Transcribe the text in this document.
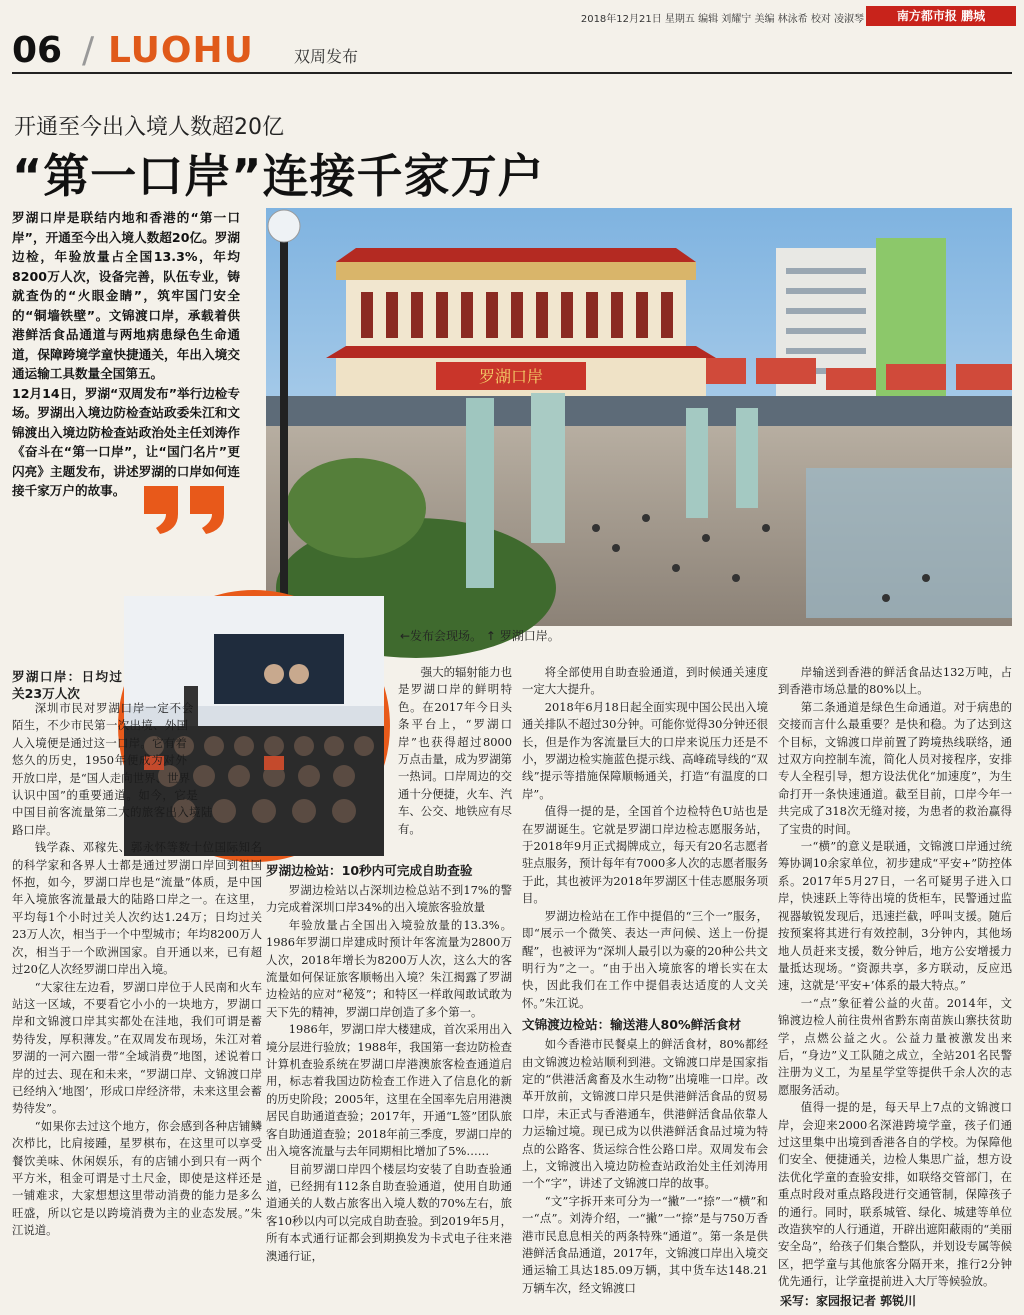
2018年12月21日 星期五 编辑 刘耀宁 美编 林泳希 校对 凌淑琴	南方都市报 鹏城
06 / LUOHU	双周发布
开通至今出入境人数超20亿
“第一口岸”连接千家万户

罗湖口岸是联结内地和香港的“第一口岸”，开通至今出入境人数超20亿。罗湖边检，年验放量占全国13.3%，年均8200万人次，设备完善，队伍专业，铸就查伪的“火眼金睛”，筑牢国门安全的“铜墙铁壁”。文锦渡口岸，承载着供港鲜活食品通道与两地病患绿色生命通道，保障跨境学童快捷通关，年出入境交通运输工具数量全国第五。

12月14日，罗湖“双周发布”举行边检专场。罗湖出入境边防检查站政委朱江和文锦渡出入境边防检查站政治处主任刘涛作《奋斗在“第一口岸”，让“国门名片”更闪亮》主题发布，讲述罗湖的口岸如何连接千家万户的故事。

罗湖口岸
←发布会现场。 ↑ 罗湖口岸。
罗湖口岸：日均过关23万人次

深圳市民对罗湖口岸一定不会陌生，不少市民第一次出境、外国人入境便是通过这一口岸。它有着悠久的历史，1950年便成为对外开放口岸，是“国人走向世界、世界认识中国”的重要通道。如今，它是中国目前客流量第二大的旅客出入境陆路口岸。

钱学森、邓稼先、郭永怀等数十位国际知名的科学家和各界人士都是通过罗湖口岸回到祖国怀抱，如今，罗湖口岸也是“流量”体质，是中国年入境旅客流量最大的陆路口岸之一。在这里，平均每1个小时过关人次约达1.24万；日均过关23万人次，相当于一个中型城市；年均8200万人次，相当于一个欧洲国家。自开通以来，已有超过20亿人次经罗湖口岸出入境。

“大家往左边看，罗湖口岸位于人民南和火车站这一区域，不要看它小小的一块地方，罗湖口岸和文锦渡口岸其实都处在洼地，我们可谓是蓄势待发，厚积薄发。”在双周发布现场，朱江对着罗湖的一河六圈一带“全域消费”地图，述说着口岸的过去、现在和未来，“罗湖口岸、文锦渡口岸已经纳入‘地图’，形成口岸经济带，未来这里会蓄势待发”。

“如果你去过这个地方，你会感到各种店铺鳞次栉比，比肩接踵，星罗棋布，在这里可以享受餐饮美味、休闲娱乐，有的店铺小到只有一两个平方米，租金可谓是寸土尺金，即使是这样还是一铺难求，大家想想这里带动消费的能力是多么旺盛，所以它是以跨境消费为主的业态发展。”朱江说道。

强大的辐射能力也是罗湖口岸的鲜明特色。在2017年今日头条平台上，“罗湖口岸”也获得超过8000万点击量，成为罗湖第一热词。口岸周边的交通十分便捷，火车、汽车、公交、地铁应有尽有。

罗湖边检站：10秒内可完成自助查验

罗湖边检站以占深圳边检总站不到17%的警力完成着深圳口岸34%的出入境旅客验放量

年验放量占全国出入境验放量的13.3%。1986年罗湖口岸建成时预计年客流量为2800万人次，2018年增长为8200万人次，这么大的客流量如何保证旅客顺畅出入境？朱江揭露了罗湖边检站的应对“秘笈”；和特区一样敢闯敢试敢为天下先的精神，罗湖口岸创造了多个第一。

1986年，罗湖口岸大楼建成，首次采用出入境分层进行验放；1988年，我国第一套边防检查计算机查验系统在罗湖口岸港澳旅客检查通道启用，标志着我国边防检查工作进入了信息化的新的历史阶段；2005年，这里在全国率先启用港澳居民自助通道查验；2017年，开通“L签”团队旅客自助通道查验；2018年前三季度，罗湖口岸的出入境客流量与去年同期相比增加了5%……

目前罗湖口岸四个楼层均安装了自助查验通道，已经拥有112条自助查验通道，使用自助通道通关的人数占旅客出入境人数的70%左右，旅客10秒以内可以完成自助查验。到2019年5月，所有本式通行证都会到期换发为卡式电子往来港澳通行证，

将全部使用自助查验通道，到时候通关速度一定大大提升。

2018年6月18日起全面实现中国公民出入境通关排队不超过30分钟。可能你觉得30分钟还很长，但是作为客流量巨大的口岸来说压力还是不小，罗湖边检实施蓝色提示线、高峰疏导线的“双线”提示等措施保障顺畅通关，打造“有温度的口岸”。

值得一提的是，全国首个边检特色U站也是在罗湖诞生。它就是罗湖口岸边检志愿服务站，于2018年9月正式揭牌成立，每天有20名志愿者驻点服务，预计每年有7000多人次的志愿者服务于此，其也被评为2018年罗湖区十佳志愿服务项目。

罗湖边检站在工作中提倡的“三个一”服务，即“展示一个微笑、表达一声问候、送上一份提醒”，也被评为“深圳人最引以为豪的20种公共文明行为”之一。“由于出入境旅客的增长实在太快，因此我们在工作中提倡表达适度的人文关怀。”朱江说。

文锦渡边检站：输送港人80%鲜活食材

如今香港市民餐桌上的鲜活食材，80%都经由文锦渡边检站顺利到港。文锦渡口岸是国家指定的“供港活禽畜及水生动物”出境唯一口岸。改革开放前，文锦渡口岸只是供港鲜活食品的贸易口岸，未正式与香港通车，供港鲜活食品依靠人力运输过境。现已成为以供港鲜活食品过境为特点的公路客、货运综合性公路口岸。双周发布会上，文锦渡出入境边防检查站政治处主任刘涛用一个“字”，讲述了文锦渡口岸的故事。

“文”字拆开来可分为一“撇”一“捺”一“横”和一“点”。刘涛介绍，一“撇”一“捺”是与750万香港市民息息相关的两条特殊“通道”。第一条是供港鲜活食品通道，2017年，文锦渡口岸出入境交通运输工具达185.09万辆，其中货车达148.21万辆车次，经文锦渡口

岸输送到香港的鲜活食品达132万吨，占到香港市场总量的80%以上。

第二条通道是绿色生命通道。对于病患的交接而言什么最重要？是快和稳。为了达到这个目标，文锦渡口岸前置了跨境热线联络，通过双方向控制车流，简化人员对接程序，安排专人全程引导，想方设法优化“加速度”，为生命打开一条快速通道。截至目前，口岸今年一共完成了318次无缝对接，为患者的救治赢得了宝贵的时间。

一“横”的意义是联通，文锦渡口岸通过统筹协调10余家单位，初步建成“平安+”防控体系。2017年5月27日，一名可疑男子进入口岸，快速跃上等待出境的货柜车，民警通过监视器敏锐发现后，迅速拦截，呼叫支援。随后按预案将其进行有效控制，3分钟内，其他场地人员赶来支援，数分钟后，地方公安增援力量抵达现场。“资源共享，多方联动，反应迅速，这就是‘平安+’体系的最大特点。”

一“点”象征着公益的火苗。2014年，文锦渡边检人前往贵州省黔东南苗族山寨扶贫助学，点燃公益之火。公益力量被激发出来后，“身边”义工队随之成立，全站201名民警注册为义工，为星星学堂等提供千余人次的志愿服务活动。

值得一提的是，每天早上7点的文锦渡口岸，会迎来2000名深港跨境学童，孩子们通过这里集中出境到香港各自的学校。为保障他们安全、便捷通关，边检人集思广益，想方设法优化学童的查验安排，如联络交管部门，在重点时段对重点路段进行交通管制，保障孩子的通行。同时，联系城管、绿化、城建等单位改造狭窄的人行通道，开辟出遮阳蔽雨的“美丽安全岛”，给孩子们集合整队，并划设专属等候区，把学童与其他旅客分隔开来，推行2分钟优先通行，让学童提前进入大厅等候验放。

采写：家园报记者 郭锐川
